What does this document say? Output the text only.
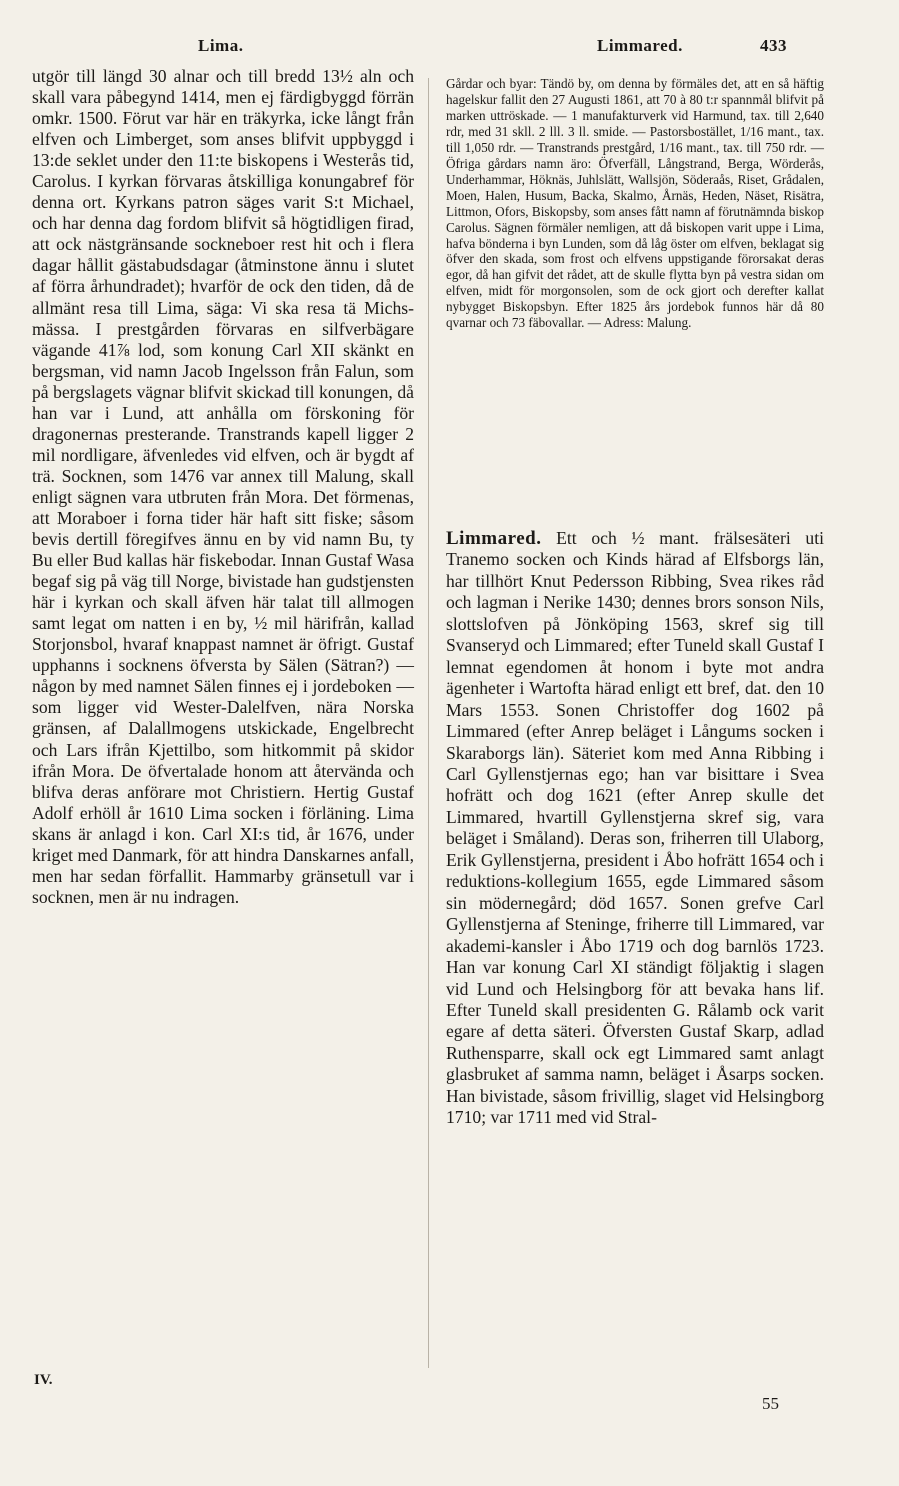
Lima.	Limmared.	433

utgör till längd 30 alnar och till bredd 13½ aln och skall vara påbegynd 1414, men ej färdigbyggd förrän omkr. 1500. Förut var här en träkyrka, icke långt från elfven och Limberget, som anses blifvit uppbyggd i 13:de seklet under den 11:te biskopens i Westerås tid, Carolus. I kyrkan förvaras åtskilliga konungabref för denna ort. Kyrkans patron säges varit S:t Michael, och har denna dag fordom blifvit så högtidligen firad, att ock nästgränsande sockneboer rest hit och i flera dagar hållit gästabudsdagar (åtminstone ännu i slutet af förra århundradet); hvarför de ock den tiden, då de allmänt resa till Lima, säga: Vi ska resa tä Michs-mässa. I prestgården förvaras en silfverbägare vägande 41⅞ lod, som konung Carl XII skänkt en bergsman, vid namn Jacob Ingelsson från Falun, som på bergslagets vägnar blifvit skickad till konungen, då han var i Lund, att anhålla om förskoning för dragonernas presterande. Transtrands kapell ligger 2 mil nordligare, äfvenledes vid elfven, och är bygdt af trä. Socknen, som 1476 var annex till Malung, skall enligt sägnen vara utbruten från Mora. Det förmenas, att Moraboer i forna tider här haft sitt fiske; såsom bevis dertill föregifves ännu en by vid namn Bu, ty Bu eller Bud kallas här fiskebodar. Innan Gustaf Wasa begaf sig på väg till Norge, bivistade han gudstjensten här i kyrkan och skall äfven här talat till allmogen samt legat om natten i en by, ½ mil härifrån, kallad Storjonsbol, hvaraf knappast namnet är öfrigt. Gustaf upphanns i socknens öfversta by Sälen (Sätran?) — någon by med namnet Sälen finnes ej i jordeboken — som ligger vid Wester-Dalelfven, nära Norska gränsen, af Dalallmogens utskickade, Engelbrecht och Lars ifrån Kjettilbo, som hitkommit på skidor ifrån Mora. De öfvertalade honom att återvända och blifva deras anförare mot Christiern. Hertig Gustaf Adolf erhöll år 1610 Lima socken i förläning. Lima skans är anlagd i kon. Carl XI:s tid, år 1676, under kriget med Danmark, för att hindra Danskarnes anfall, men har sedan förfallit. Hammarby gränsetull var i socknen, men är nu indragen.

Gårdar och byar: Tändö by, om denna by förmäles det, att en så häftig hagelskur fallit den 27 Augusti 1861, att 70 à 80 t:r spannmål blifvit på marken uttröskade. — 1 manufakturverk vid Harmund, tax. till 2,640 rdr, med 31 skll. 2 lll. 3 ll. smide. — Pastorsbostället, 1/16 mant., tax. till 1,050 rdr. — Transtrands prestgård, 1/16 mant., tax. till 750 rdr. — Öfriga gårdars namn äro: Öfverfäll, Långstrand, Berga, Wörderås, Underhammar, Höknäs, Juhlslätt, Wallsjön, Söderaås, Riset, Grådalen, Moen, Halen, Husum, Backa, Skalmo, Årnäs, Heden, Näset, Risätra, Littmon, Ofors, Biskopsby, som anses fått namn af förutnämnda biskop Carolus. Sägnen förmäler nemligen, att då biskopen varit uppe i Lima, hafva bönderna i byn Lunden, som då låg öster om elfven, beklagat sig öfver den skada, som frost och elfvens uppstigande förorsakat deras egor, då han gifvit det rådet, att de skulle flytta byn på vestra sidan om elfven, midt för morgonsolen, som de ock gjort och derefter kallat nybygget Biskopsbyn. Efter 1825 års jordebok funnos här då 80 qvarnar och 73 fäbovallar. — Adress: Malung.

Limmared. Ett och ½ mant. frälsesäteri uti Tranemo socken och Kinds härad af Elfsborgs län, har tillhört Knut Pedersson Ribbing, Svea rikes råd och lagman i Nerike 1430; dennes brors sonson Nils, slottslofven på Jönköping 1563, skref sig till Svanseryd och Limmared; efter Tuneld skall Gustaf I lemnat egendomen åt honom i byte mot andra ägenheter i Wartofta härad enligt ett bref, dat. den 10 Mars 1553. Sonen Christoffer dog 1602 på Limmared (efter Anrep beläget i Långums socken i Skaraborgs län). Säteriet kom med Anna Ribbing i Carl Gyllenstjernas ego; han var bisittare i Svea hofrätt och dog 1621 (efter Anrep skulle det Limmared, hvartill Gyllenstjerna skref sig, vara beläget i Småland). Deras son, friherren till Ulaborg, Erik Gyllenstjerna, president i Åbo hofrätt 1654 och i reduktions-kollegium 1655, egde Limmared såsom sin mödernegård; död 1657. Sonen grefve Carl Gyllenstjerna af Steninge, friherre till Limmared, var akademi-kansler i Åbo 1719 och dog barnlös 1723. Han var konung Carl XI ständigt följaktig i slagen vid Lund och Helsingborg för att bevaka hans lif. Efter Tuneld skall presidenten G. Rålamb ock varit egare af detta säteri. Öfversten Gustaf Skarp, adlad Ruthensparre, skall ock egt Limmared samt anlagt glasbruket af samma namn, beläget i Åsarps socken. Han bivistade, såsom frivillig, slaget vid Helsingborg 1710; var 1711 med vid Stral-

IV.
55
